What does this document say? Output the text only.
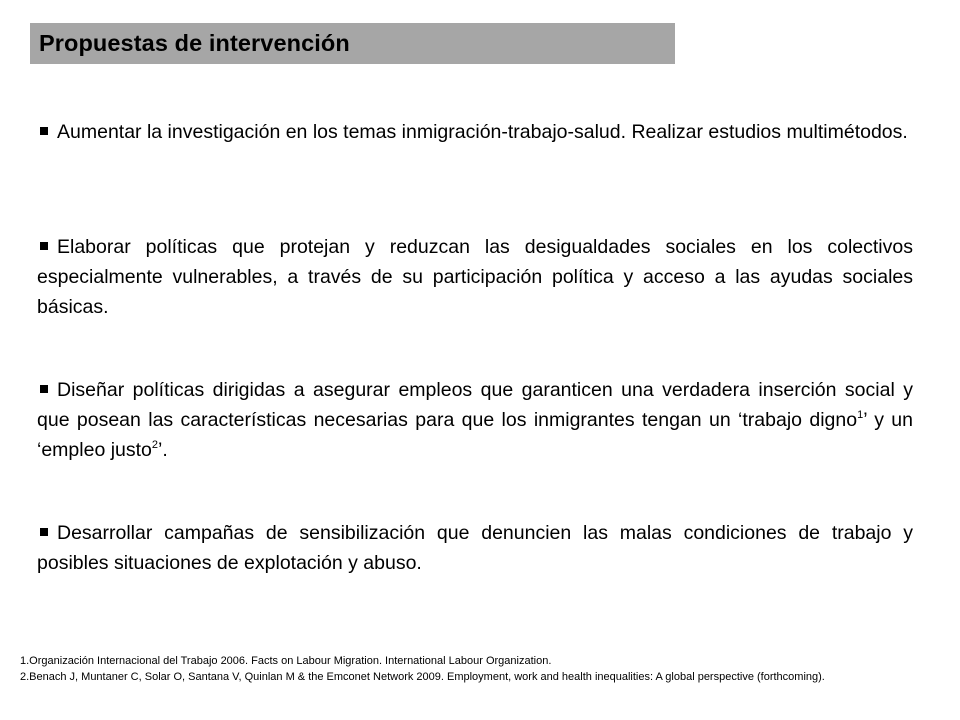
Propuestas de intervención
Aumentar la investigación en los temas inmigración-trabajo-salud. Realizar estudios multimétodos.
Elaborar políticas que protejan y reduzcan las desigualdades sociales en los colectivos especialmente vulnerables, a través de su participación política y acceso a las ayudas sociales básicas.
Diseñar políticas dirigidas a asegurar empleos que garanticen una verdadera inserción social y que posean las características necesarias para que los inmigrantes tengan un ‘trabajo digno$^1$’ y un ‘empleo justo$^2$’.
Desarrollar campañas de sensibilización que denuncien las malas condiciones de trabajo y posibles situaciones de explotación y abuso.
1.Organización Internacional del Trabajo 2006. Facts on Labour Migration. International Labour Organization.
2.Benach J, Muntaner C, Solar O, Santana V, Quinlan M & the Emconet Network 2009. Employment, work and health inequalities: A global perspective (forthcoming).
